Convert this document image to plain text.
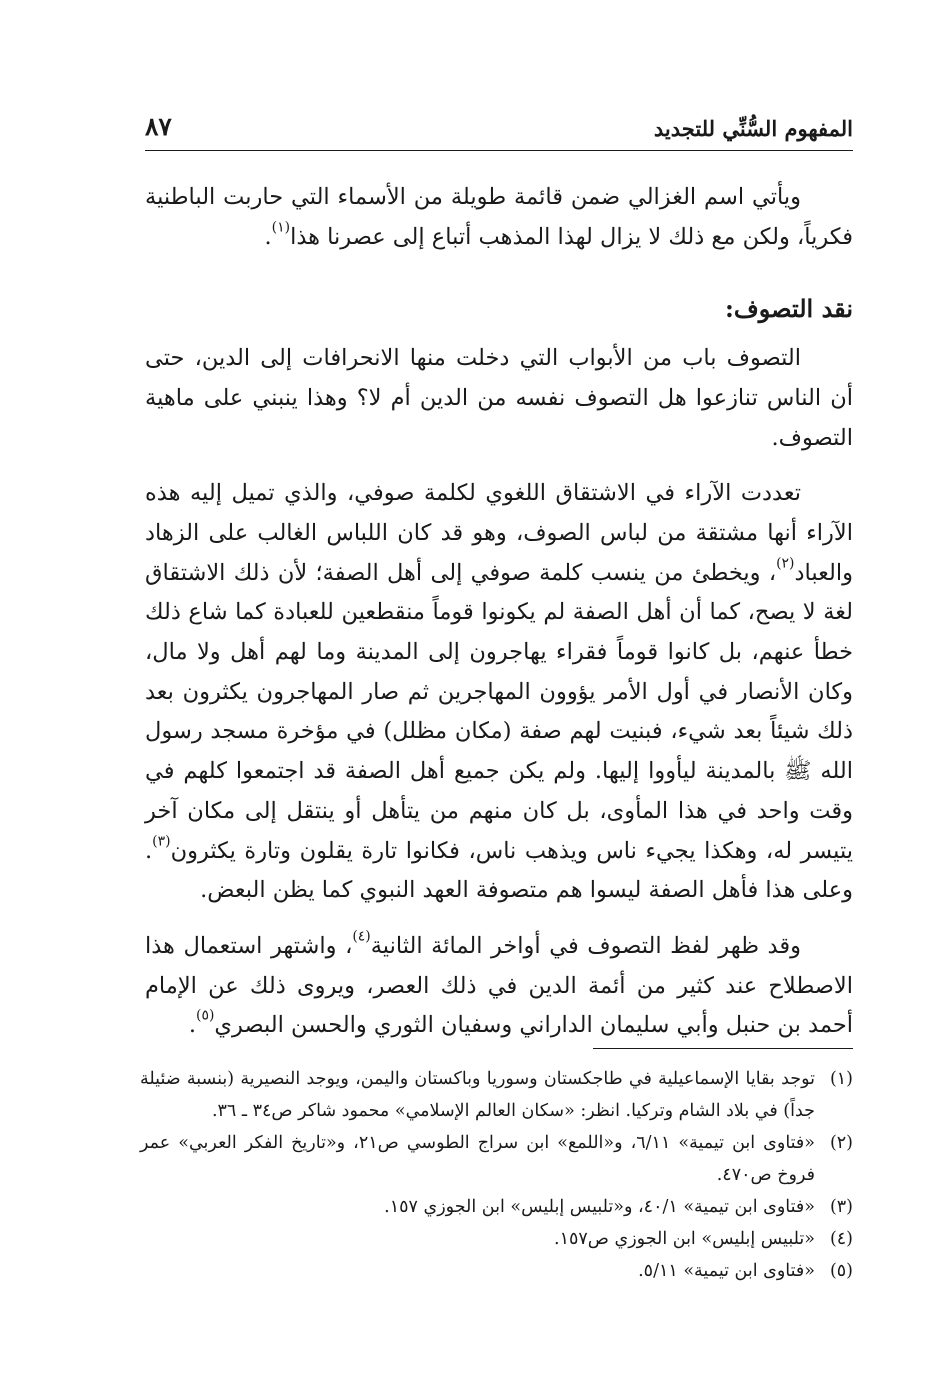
المفهوم السُّنِّي للتجديد
٨٧

ويأتي اسم الغزالي ضمن قائمة طويلة من الأسماء التي حاربت الباطنية فكرياً، ولكن مع ذلك لا يزال لهذا المذهب أتباع إلى عصرنا هذا$^{(١)}$.

نقد التصوف:

التصوف باب من الأبواب التي دخلت منها الانحرافات إلى الدين، حتى أن الناس تنازعوا هل التصوف نفسه من الدين أم لا؟ وهذا ينبني على ماهية التصوف.

تعددت الآراء في الاشتقاق اللغوي لكلمة صوفي، والذي تميل إليه هذه الآراء أنها مشتقة من لباس الصوف، وهو قد كان اللباس الغالب على الزهاد والعباد$^{(٢)}$، ويخطئ من ينسب كلمة صوفي إلى أهل الصفة؛ لأن ذلك الاشتقاق لغة لا يصح، كما أن أهل الصفة لم يكونوا قوماً منقطعين للعبادة كما شاع ذلك خطأ عنهم، بل كانوا قوماً فقراء يهاجرون إلى المدينة وما لهم أهل ولا مال، وكان الأنصار في أول الأمر يؤوون المهاجرين ثم صار المهاجرون يكثرون بعد ذلك شيئاً بعد شيء، فبنيت لهم صفة (مكان مظلل) في مؤخرة مسجد رسول الله ﷺ بالمدينة ليأووا إليها. ولم يكن جميع أهل الصفة قد اجتمعوا كلهم في وقت واحد في هذا المأوى، بل كان منهم من يتأهل أو ينتقل إلى مكان آخر يتيسر له، وهكذا يجيء ناس ويذهب ناس، فكانوا تارة يقلون وتارة يكثرون$^{(٣)}$. وعلى هذا فأهل الصفة ليسوا هم متصوفة العهد النبوي كما يظن البعض.

وقد ظهر لفظ التصوف في أواخر المائة الثانية$^{(٤)}$، واشتهر استعمال هذا الاصطلاح عند كثير من أئمة الدين في ذلك العصر، ويروى ذلك عن الإمام أحمد بن حنبل وأبي سليمان الداراني وسفيان الثوري والحسن البصري$^{(٥)}$.

(١)
توجد بقايا الإسماعيلية في طاجكستان وسوريا وباكستان واليمن، ويوجد النصيرية (بنسبة ضئيلة جداً) في بلاد الشام وتركيا. انظر: «سكان العالم الإسلامي» محمود شاكر ص٣٤ ـ ٣٦.
(٢)
«فتاوى ابن تيمية» ٦/١١، و«اللمع» ابن سراج الطوسي ص٢١، و«تاريخ الفكر العربي» عمر فروخ ص٤٧٠.
(٣)
«فتاوى ابن تيمية» ٤٠/١، و«تلبيس إبليس» ابن الجوزي ١٥٧.
(٤)
«تلبيس إبليس» ابن الجوزي ص١٥٧.
(٥)
«فتاوى ابن تيمية» ٥/١١.
